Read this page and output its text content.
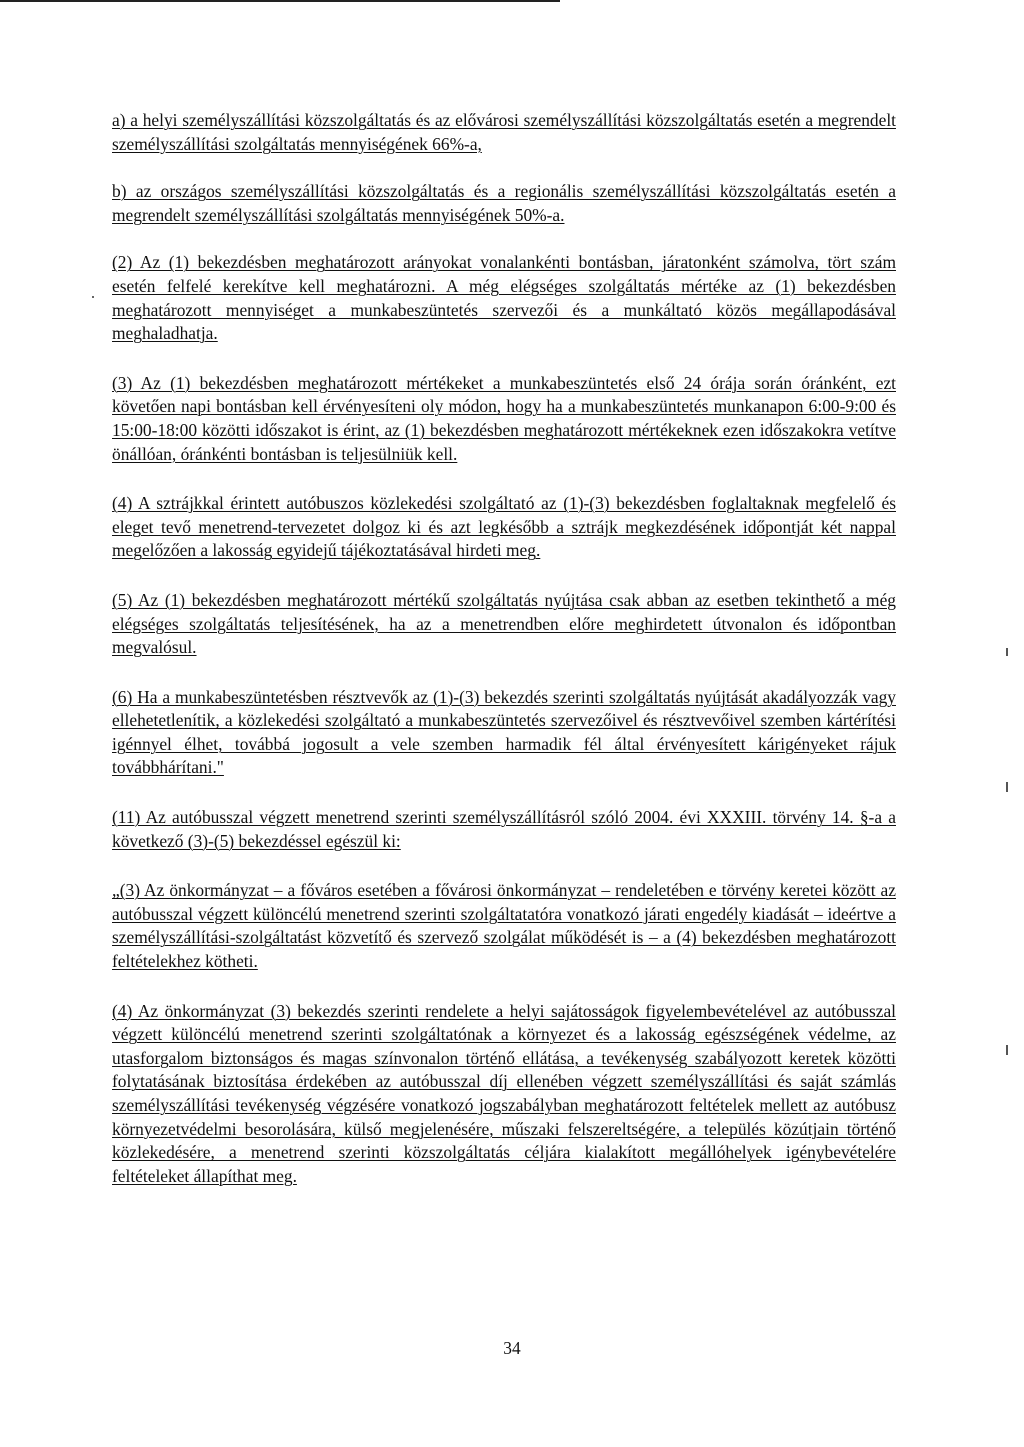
a) a helyi személyszállítási közszolgáltatás és az elővárosi személyszállítási közszolgáltatás esetén a megrendelt személyszállítási szolgáltatás mennyiségének 66%-a,

b) az országos személyszállítási közszolgáltatás és a regionális személyszállítási közszolgáltatás esetén a megrendelt személyszállítási szolgáltatás mennyiségének 50%-a.

(2) Az (1) bekezdésben meghatározott arányokat vonalankénti bontásban, járatonként számolva, tört szám esetén felfelé kerekítve kell meghatározni. A még elégséges szolgáltatás mértéke az (1) bekezdésben meghatározott mennyiséget a munkabeszüntetés szervezői és a munkáltató közös megállapodásával meghaladhatja.

(3) Az (1) bekezdésben meghatározott mértékeket a munkabeszüntetés első 24 órája során óránként, ezt követően napi bontásban kell érvényesíteni oly módon, hogy ha a munkabeszüntetés munkanapon 6:00-9:00 és 15:00-18:00 közötti időszakot is érint, az (1) bekezdésben meghatározott mértékeknek ezen időszakokra vetítve önállóan, óránkénti bontásban is teljesülniük kell.

(4) A sztrájkkal érintett autóbuszos közlekedési szolgáltató az (1)-(3) bekezdésben foglaltaknak megfelelő és eleget tevő menetrend-tervezetet dolgoz ki és azt legkésőbb a sztrájk megkezdésének időpontját két nappal megelőzően a lakosság egyidejű tájékoztatásával hirdeti meg.

(5) Az (1) bekezdésben meghatározott mértékű szolgáltatás nyújtása csak abban az esetben tekinthető a még elégséges szolgáltatás teljesítésének, ha az a menetrendben előre meghirdetett útvonalon és időpontban megvalósul.

(6) Ha a munkabeszüntetésben résztvevők az (1)-(3) bekezdés szerinti szolgáltatás nyújtását akadályozzák vagy ellehetetlenítik, a közlekedési szolgáltató a munkabeszüntetés szervezőivel és résztvevőivel szemben kártérítési igénnyel élhet, továbbá jogosult a vele szemben harmadik fél által érvényesített kárigényeket rájuk továbbhárítani."

(11) Az autóbusszal végzett menetrend szerinti személyszállításról szóló 2004. évi XXXIII. törvény 14. §-a a következő (3)-(5) bekezdéssel egészül ki:

„(3) Az önkormányzat – a főváros esetében a fővárosi önkormányzat – rendeletében e törvény keretei között az autóbusszal végzett különcélú menetrend szerinti szolgáltatatóra vonatkozó járati engedély kiadását – ideértve a személyszállítási-szolgáltatást közvetítő és szervező szolgálat működését is – a (4) bekezdésben meghatározott feltételekhez kötheti.

(4) Az önkormányzat (3) bekezdés szerinti rendelete a helyi sajátosságok figyelembevételével az autóbusszal végzett különcélú menetrend szerinti szolgáltatónak a környezet és a lakosság egészségének védelme, az utasforgalom biztonságos és magas színvonalon történő ellátása, a tevékenység szabályozott keretek közötti folytatásának biztosítása érdekében az autóbusszal díj ellenében végzett személyszállítási és saját számlás személyszállítási tevékenység végzésére vonatkozó jogszabályban meghatározott feltételek mellett az autóbusz környezetvédelmi besorolására, külső megjelenésére, műszaki felszereltségére, a település közútjain történő közlekedésére, a menetrend szerinti közszolgáltatás céljára kialakított megállóhelyek igénybevételére feltételeket állapíthat meg.

34
